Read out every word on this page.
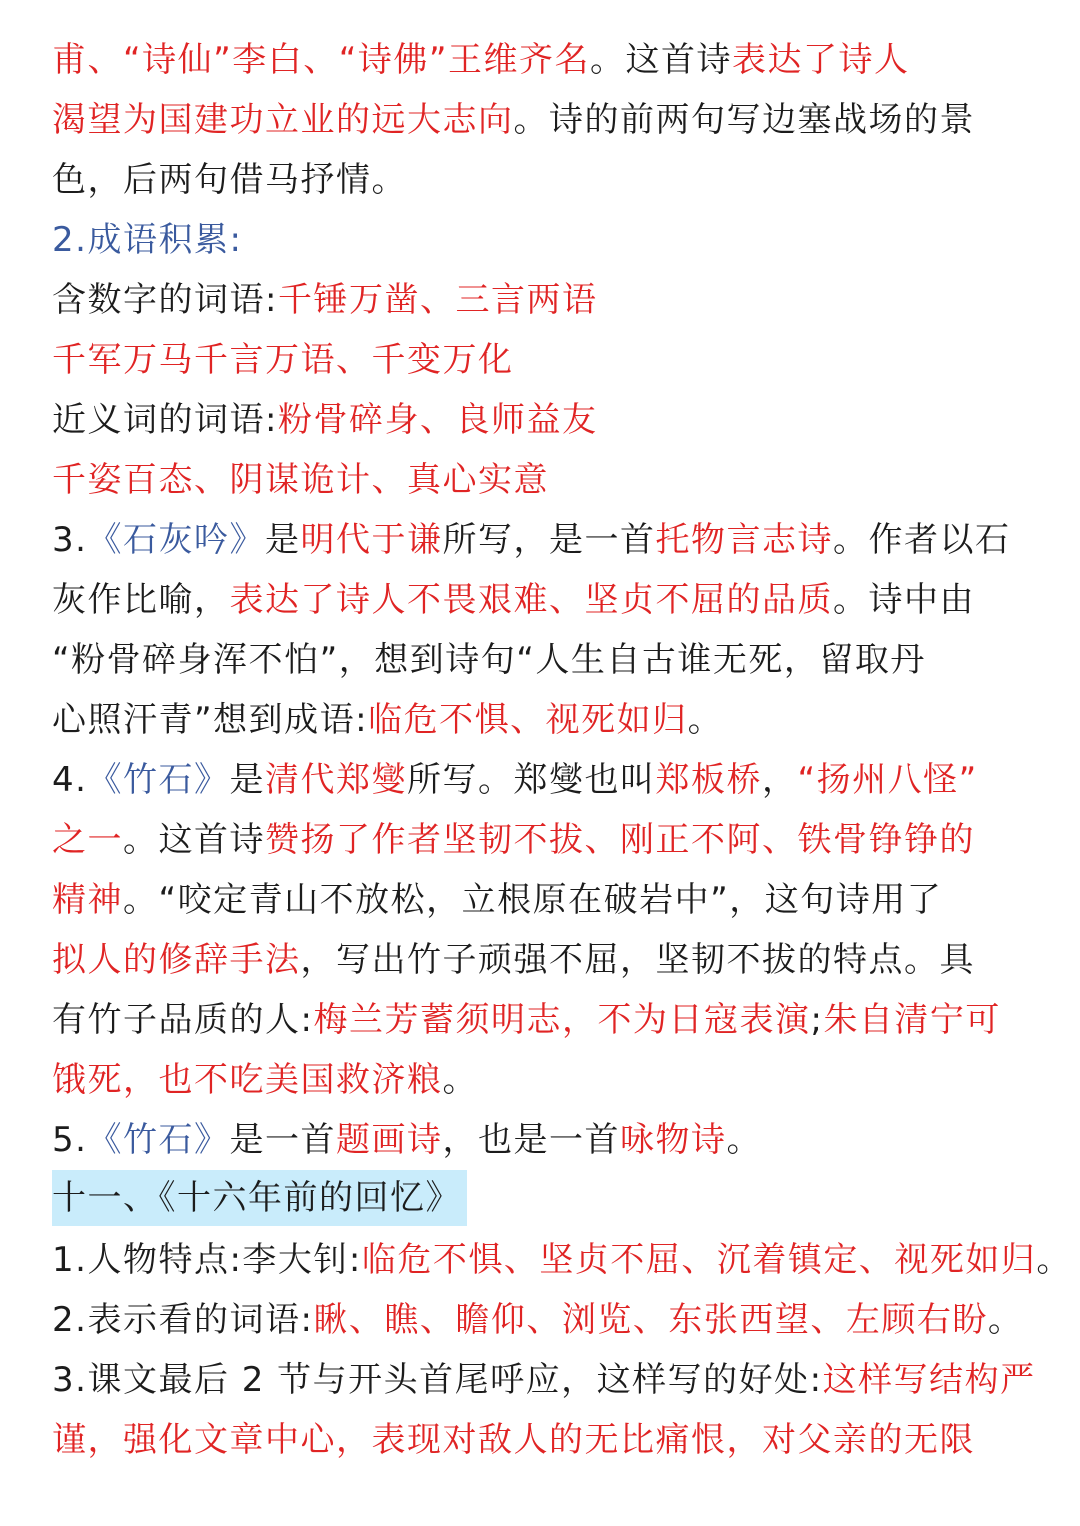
甫、“诗仙”李白、“诗佛”王维齐名。这首诗表达了诗人
渴望为国建功立业的远大志向。诗的前两句写边塞战场的景
色，后两句借马抒情。
2.成语积累:
含数字的词语:千锤万凿、三言两语
千军万马千言万语、千变万化
近义词的词语:粉骨碎身、良师益友
千姿百态、阴谋诡计、真心实意
3.《石灰吟》是明代于谦所写，是一首托物言志诗。作者以石
灰作比喻，表达了诗人不畏艰难、坚贞不屈的品质。诗中由
“粉骨碎身浑不怕”，想到诗句“人生自古谁无死，留取丹
心照汗青”想到成语:临危不惧、视死如归。
4.《竹石》是清代郑燮所写。郑燮也叫郑板桥，“扬州八怪”
之一。这首诗赞扬了作者坚韧不拔、刚正不阿、铁骨铮铮的
精神。“咬定青山不放松，立根原在破岩中”，这句诗用了
拟人的修辞手法，写出竹子顽强不屈，坚韧不拔的特点。具
有竹子品质的人:梅兰芳蓄须明志，不为日寇表演;朱自清宁可
饿死，也不吃美国救济粮。
5.《竹石》是一首题画诗，也是一首咏物诗。
十一、《十六年前的回忆》
1.人物特点:李大钊:临危不惧、坚贞不屈、沉着镇定、视死如归。
2.表示看的词语:瞅、瞧、瞻仰、浏览、东张西望、左顾右盼。
3.课文最后 2 节与开头首尾呼应，这样写的好处:这样写结构严
谨，强化文章中心，表现对敌人的无比痛恨，对父亲的无限
